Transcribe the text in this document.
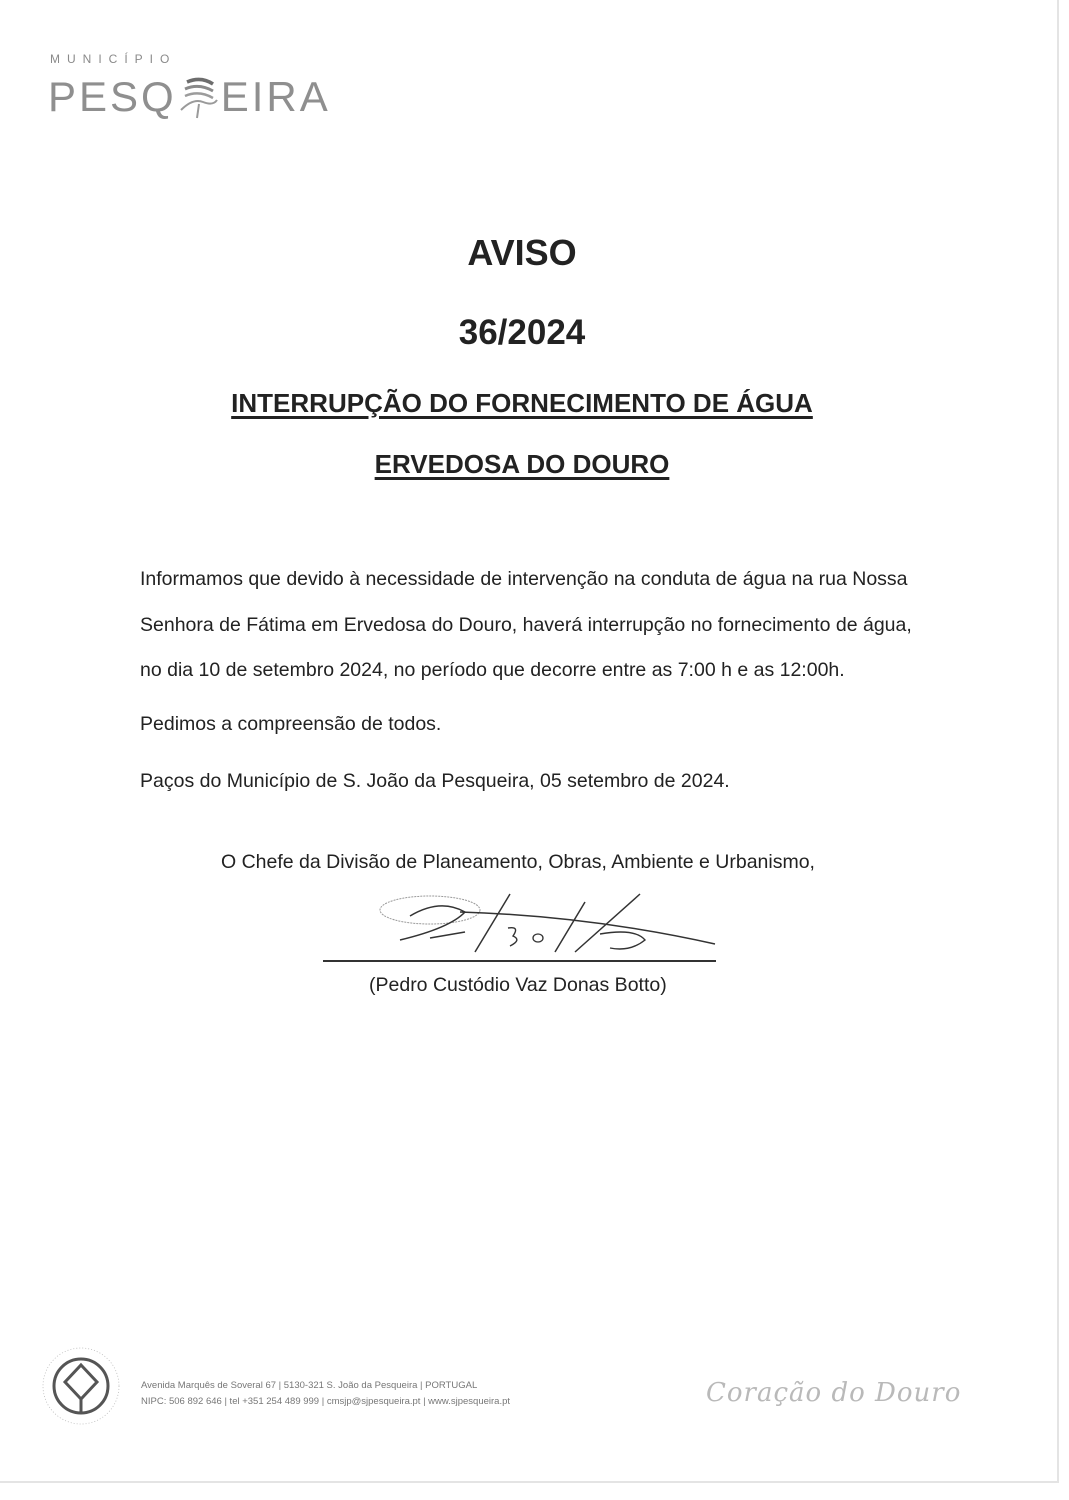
MUNICÍPIO
PESQ EIRA
AVISO
36/2024
INTERRUPÇÃO DO FORNECIMENTO DE ÁGUA
ERVEDOSA DO DOURO
Informamos que devido à necessidade de intervenção na conduta de água na rua Nossa
Senhora de Fátima em Ervedosa do Douro, haverá interrupção no fornecimento de água,
no dia 10 de setembro 2024, no período que decorre entre as 7:00 h e as 12:00h.
Pedimos a compreensão de todos.
Paços do Município de S. João da Pesqueira, 05 setembro de 2024.
O Chefe da Divisão de Planeamento, Obras, Ambiente e Urbanismo,
(Pedro Custódio Vaz Donas Botto)
Avenida Marquês de Soveral 67 | 5130-321 S. João da Pesqueira | PORTUGAL
NIPC: 506 892 646 | tel +351 254 489 999 | cmsjp@sjpesqueira.pt | www.sjpesqueira.pt	Coração do Douro
